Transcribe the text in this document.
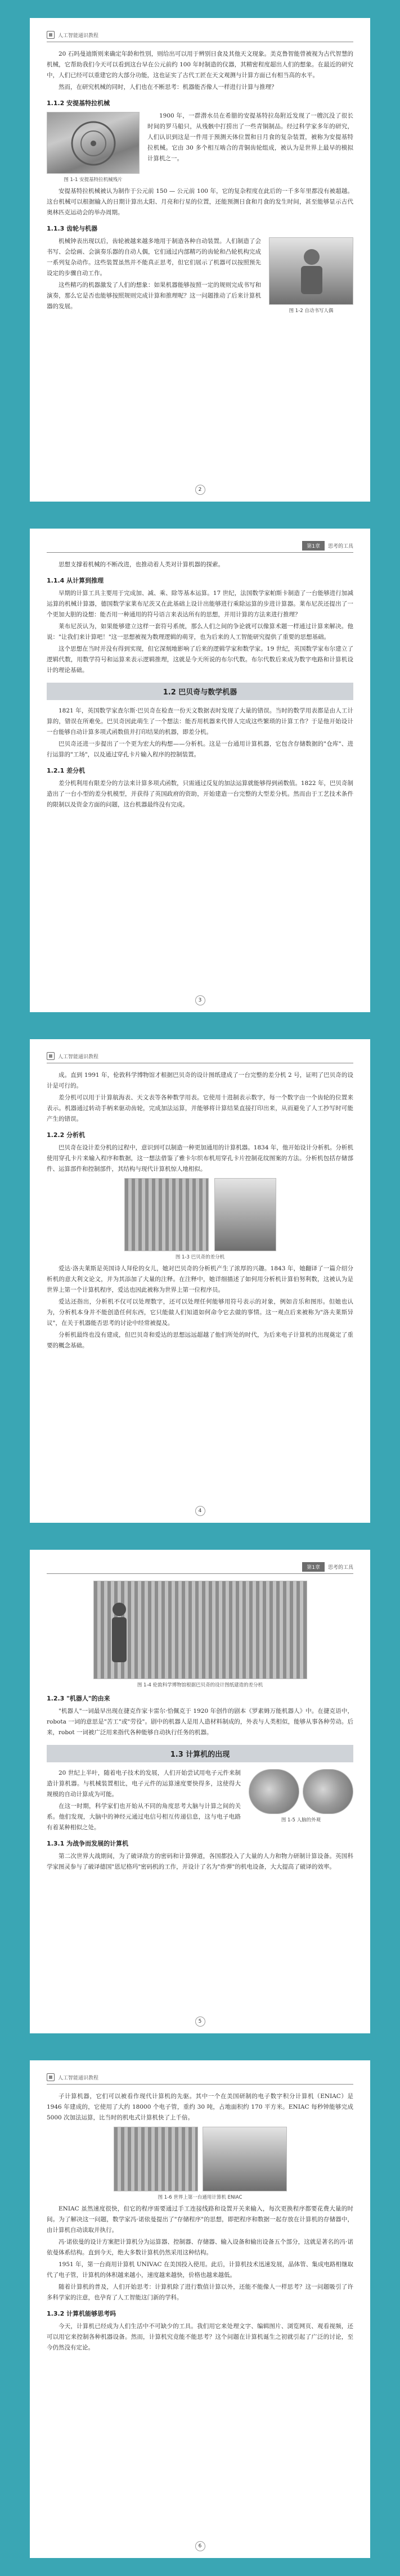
人工智能通识教程

20 石吗曼迪斯则来确定年龄和性别，则给出可以用于辨别日食及其他天文现象。美克鲁智能曾被视为古代智慧的机械，它帮助我们今天可以看到这台早在公元前约 100 年时制造的仪器，其精密程度超出人们的想象。在最近的研究中，人们已经可以重建它的大部分功能，这也证实了古代工匠在天文观测与计算方面已有相当高的水平。

然而，在研究机械的同时，人们也在不断思考：机器能否像人一样进行计算与推理？

1.1.2 安提基特拉机械
图 1-1 安提基特拉机械残片

1900 年，一群潜水员在希腊的安提基特拉岛附近发现了一艘沉没了很长时间的罗马船只，从残骸中打捞出了一些青铜制品。经过科学家多年的研究，人们认识到这是一件用于预测天体位置和日月食的复杂装置，被称为安提基特拉机械。它由 30 多个相互啮合的青铜齿轮组成，被认为是世界上最早的模拟计算机之一。

安提基特拉机械被认为制作于公元前 150 — 公元前 100 年，它的复杂程度在此后的一千多年里都没有被超越。这台机械可以根据输入的日期计算出太阳、月亮和行星的位置，还能预测日食和月食的发生时间，甚至能够显示古代奥林匹克运动会的举办周期。

1.1.3 齿轮与机器
图 1-2 自动书写人偶

机械钟表出现以后，齿轮被越来越多地用于制造各种自动装置。人们制造了会书写、会绘画、会演奏乐器的自动人偶，它们通过内部精巧的齿轮和凸轮机构完成一系列复杂动作。这些装置虽然并不能真正思考，但它们展示了机器可以按照预先设定的步骤自动工作。

这些精巧的机器激发了人们的想象：如果机器能够按照一定的规则完成书写和演奏，那么它是否也能够按照规则完成计算和推理呢？这一问题推动了后来计算机器的发展。

2
第1章	思考的工具

思想支撑着机械的不断改进，也推动着人类对计算机器的探索。

1.1.4 从计算到推理

早期的计算工具主要用于完成加、减、乘、除等基本运算。17 世纪，法国数学家帕斯卡制造了一台能够进行加减运算的机械计算器，德国数学家莱布尼茨又在此基础上设计出能够进行乘除运算的步进计算器。莱布尼茨还提出了一个更加大胆的设想：能否用一种通用的符号语言来表达所有的思想，并用计算的方法来进行推理？

莱布尼茨认为，如果能够建立这样一套符号系统，那么人们之间的争论就可以像算术题一样通过计算来解决。他说："让我们来计算吧！"这一思想被视为数理逻辑的萌芽，也为后来的人工智能研究提供了重要的思想基础。

这个思想在当时并没有得到实现，但它深刻地影响了后来的逻辑学家和数学家。19 世纪，英国数学家布尔建立了逻辑代数，用数学符号和运算来表示逻辑推理，这就是今天所说的布尔代数。布尔代数后来成为数字电路和计算机设计的理论基础。

1.2 巴贝奇与数学机器

1821 年，英国数学家查尔斯·巴贝奇在检查一份天文数据表时发现了大量的错误。当时的数学用表都是由人工计算的，错误在所难免。巴贝奇因此萌生了一个想法：能否用机器来代替人完成这些繁琐的计算工作？于是他开始设计一台能够自动计算多项式函数值并打印结果的机器，即差分机。

巴贝奇还进一步提出了一个更为宏大的构想——分析机。这是一台通用计算机器，它包含存储数据的"仓库"、进行运算的"工场"，以及通过穿孔卡片输入程序的控制装置。

1.2.1 差分机

差分机利用有限差分的方法来计算多项式函数，只需通过反复的加法运算就能够得到函数值。1822 年，巴贝奇制造出了一台小型的差分机模型，并获得了英国政府的资助，开始建造一台完整的大型差分机。然而由于工艺技术条件的限制以及资金方面的问题，这台机器最终没有完成。

3
人工智能通识教程

成。直到 1991 年，伦敦科学博物馆才根据巴贝奇的设计图纸建成了一台完整的差分机 2 号，证明了巴贝奇的设计是可行的。

差分机可以用于计算航海表、天文表等各种数学用表。它使用十进制表示数字，每一个数字由一个齿轮的位置来表示。机器通过转动手柄来驱动齿轮，完成加法运算，并能够将计算结果直接打印出来，从而避免了人工抄写时可能产生的错误。

1.2.2 分析机

巴贝奇在设计差分机的过程中，意识到可以制造一种更加通用的计算机器。1834 年，他开始设计分析机。分析机使用穿孔卡片来输入程序和数据，这一想法借鉴了雅卡尔织布机用穿孔卡片控制花纹图案的方法。分析机包括存储部件、运算部件和控制部件，其结构与现代计算机惊人地相似。

图 1-3 巴贝奇的差分机

爱达·洛夫莱斯是英国诗人拜伦的女儿，她对巴贝奇的分析机产生了浓厚的兴趣。1843 年，她翻译了一篇介绍分析机的意大利文论文，并为其添加了大量的注释。在注释中，她详细描述了如何用分析机计算伯努利数，这被认为是世界上第一个计算机程序，爱达也因此被称为世界上第一位程序员。

爱达还指出，分析机不仅可以处理数字，还可以处理任何能够用符号表示的对象，例如音乐和图形。但她也认为，分析机本身并不能创造任何东西，它只能做人们知道如何命令它去做的事情。这一观点后来被称为"洛夫莱斯异议"，在关于机器能否思考的讨论中经常被提及。

分析机最终也没有建成，但巴贝奇和爱达的思想远远超越了他们所处的时代，为后来电子计算机的出现奠定了重要的概念基础。

4
第1章	思考的工具
图 1-4 伦敦科学博物馆根据巴贝奇的设计图纸建造的差分机
1.2.3 "机器人"的由来

"机器人"一词最早出现在捷克作家卡雷尔·恰佩克于 1920 年创作的剧本《罗素姆万能机器人》中。在捷克语中，robota 一词的意思是"苦工"或"劳役"。剧中的机器人是用人造材料制成的，外表与人类相似，能够从事各种劳动。后来，robot 一词被广泛用来指代各种能够自动执行任务的机器。

1.3 计算机的出现
图 1-5 人脑的外观

20 世纪上半叶，随着电子技术的发展，人们开始尝试用电子元件来制造计算机器。与机械装置相比，电子元件的运算速度要快得多，这使得大规模的自动计算成为可能。

在这一时期，科学家们也开始从不同的角度思考大脑与计算之间的关系。他们发现，大脑中的神经元通过电信号相互传递信息，这与电子电路有着某种相似之处。

1.3.1 为战争而发展的计算机

第二次世界大战期间，为了破译敌方的密码和计算弹道，各国都投入了大量的人力和物力研制计算设备。英国科学家图灵参与了破译德国"恩尼格玛"密码机的工作，并设计了名为"炸弹"的机电设备，大大提高了破译的效率。

5
人工智能通识教程

子计算机器，它们可以被看作现代计算机的先驱。其中一个在美国研制的电子数字积分计算机（ENIAC）是 1946 年建成的，它使用了大约 18000 个电子管，重约 30 吨，占地面积约 170 平方米。ENIAC 每秒钟能够完成 5000 次加法运算，比当时的机电式计算机快了上千倍。

图 1-6 世界上第一台通用计算机 ENIAC

ENIAC 虽然速度很快，但它的程序需要通过手工连接线路和设置开关来输入，每次更换程序都要花费大量的时间。为了解决这一问题，数学家冯·诺依曼提出了"存储程序"的思想，即把程序和数据一起存放在计算机的存储器中，由计算机自动读取并执行。

冯·诺依曼的设计方案把计算机分为运算器、控制器、存储器、输入设备和输出设备五个部分，这就是著名的冯·诺依曼体系结构。直到今天，绝大多数计算机仍然采用这种结构。

1951 年，第一台商用计算机 UNIVAC 在美国投入使用。此后，计算机技术迅速发展，晶体管、集成电路相继取代了电子管，计算机的体积越来越小，速度越来越快，价格也越来越低。

随着计算机的普及，人们开始思考：计算机除了进行数值计算以外，还能不能像人一样思考？这一问题吸引了许多科学家的注意，也孕育了人工智能这门新的学科。

1.3.2 计算机能够思考吗

今天，计算机已经成为人们生活中不可缺少的工具。我们用它来处理文字、编辑图片、浏览网页、观看视频，还可以用它来控制各种机器设备。然而，计算机究竟能不能思考？这个问题在计算机诞生之初就引起了广泛的讨论，至今仍然没有定论。

6
